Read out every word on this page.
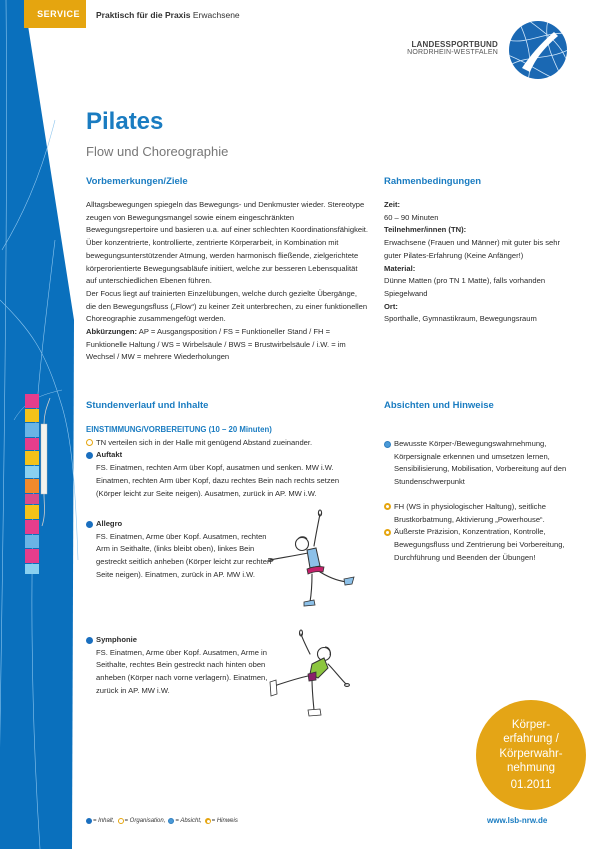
SERVICE	Praktisch für die Praxis Erwachsene
LANDESSPORTBUND
NORDRHEIN-WESTFALEN
Pilates
Flow und Choreographie
Vorbemerkungen/Ziele
Alltagsbewegungen spiegeln das Bewegungs- und Denkmuster wieder. Stereotype zeugen von Bewegungsmangel sowie einem eingeschränkten Bewegungsrepertoire und basieren u.a. auf einer schlechten Koordinationsfähigkeit.
Über konzentrierte, kontrollierte, zentrierte Körperarbeit, in Kombination mit bewegungsunterstützender Atmung, werden harmonisch fließende, zielgerichtete körperorientierte Bewegungsabläufe initiiert, welche zur besseren Lebensqualität auf unterschiedlichen Ebenen führen.
Der Focus liegt auf trainierten Einzelübungen, welche durch gezielte Übergänge, die den Bewegungsfluss („Flow“) zu keiner Zeit unterbrechen, zu einer funktionellen Choreographie zusammengefügt werden.
Abkürzungen: AP = Ausgangsposition / FS = Funktioneller Stand / FH = Funktionelle Haltung / WS = Wirbelsäule / BWS = Brustwirbelsäule / i.W. = im Wechsel / MW = mehrere Wiederholungen
Rahmenbedingungen
Zeit:
60 – 90 Minuten
Teilnehmer/innen (TN):
Erwachsene (Frauen und Männer) mit guter bis sehr guter Pilates-Erfahrung (Keine Anfänger!)
Material:
Dünne Matten (pro TN 1 Matte), falls vorhanden Spiegelwand
Ort:
Sporthalle, Gymnastikraum, Bewegungsraum
Stundenverlauf und Inhalte
EINSTIMMUNG/VORBEREITUNG (10 – 20 Minuten)
TN verteilen sich in der Halle mit genügend Abstand zueinander.
Auftakt
FS. Einatmen, rechten Arm über Kopf, ausatmen und senken. MW i.W. Einatmen, rechten Arm über Kopf, dazu rechtes Bein nach rechts setzen (Körper leicht zur Seite neigen). Ausatmen, zurück in AP. MW i.W.
Allegro
FS. Einatmen, Arme über Kopf. Ausatmen, rechten Arm in Seithalte, (links bleibt oben), linkes Bein gestreckt seitlich anheben (Körper leicht zur rechten Seite neigen). Einatmen, zurück in AP. MW i.W.
Symphonie
FS. Einatmen, Arme über Kopf. Ausatmen, Arme in Seithalte, rechtes Bein gestreckt nach hinten oben anheben (Körper nach vorne verlagern). Einatmen, zurück in AP. MW i.W.
Absichten und Hinweise
Bewusste Körper-/Bewegungswahrnehmung, Körpersignale erkennen und umsetzen lernen, Sensibilisierung, Mobilisation, Vorbereitung auf den Stundenschwerpunkt
FH (WS in physiologischer Haltung), seitliche Brustkorbatmung, Aktivierung „Powerhouse“.
Äußerste Präzision, Konzentration, Kontrolle, Bewegungsfluss und Zentrierung bei Vorbereitung, Durchführung und Beenden der Übungen!
Körper-
erfahrung /
Körperwahr-
nehmung
01.2011
= Inhalt, = Organisation, = Absicht, = Hinweis	www.lsb-nrw.de
